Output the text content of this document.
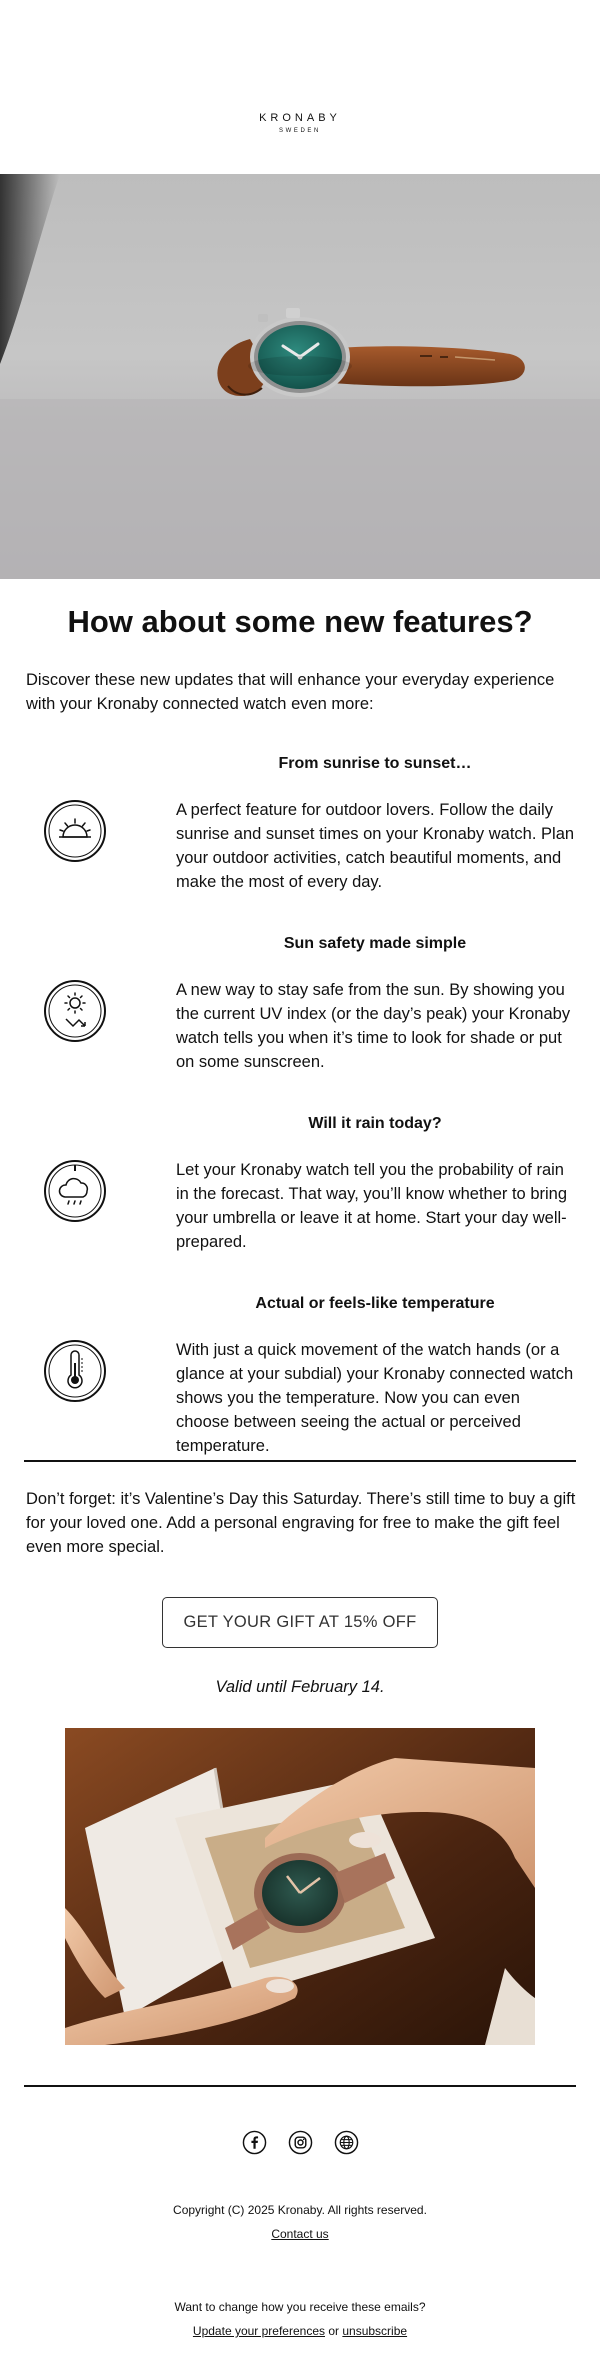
KRONABY
SWEDEN
How about some new features?

Discover these new updates that will enhance your everyday experience with your Kronaby connected watch even more:

From sunrise to sunset…
A perfect feature for outdoor lovers. Follow the daily sunrise and sunset times on your Kronaby watch. Plan your outdoor activities, catch beautiful moments, and make the most of every day.
Sun safety made simple
A new way to stay safe from the sun. By showing you the current UV index (or the day’s peak) your Kronaby watch tells you when it’s time to look for shade or put on some sunscreen.
Will it rain today?
Let your Kronaby watch tell you the probability of rain in the forecast. That way, you’ll know whether to bring your umbrella or leave it at home. Start your day well-prepared.
Actual or feels-like temperature
With just a quick movement of the watch hands (or a glance at your subdial) your Kronaby connected watch shows you the temperature. Now you can even choose between seeing the actual or perceived temperature.

Don’t forget: it’s Valentine’s Day this Saturday. There’s still time to buy a gift for your loved one. Add a personal engraving for free to make the gift feel even more special.

GET YOUR GIFT AT 15% OFF
Valid until February 14.
Copyright (C) 2025 Kronaby. All rights reserved.
Contact us
Want to change how you receive these emails?
Update your preferences or unsubscribe
